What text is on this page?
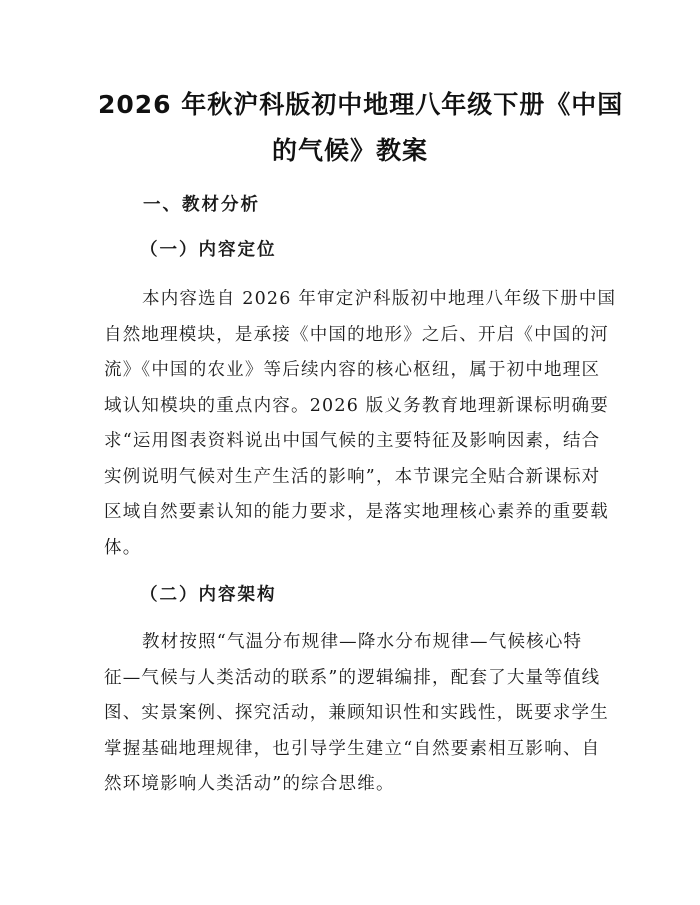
2026 年秋沪科版初中地理八年级下册《中国
的气候》教案
一、教材分析
（一）内容定位
本内容选自 2026 年审定沪科版初中地理八年级下册中国
自然地理模块，是承接《中国的地形》之后、开启《中国的河
流》《中国的农业》等后续内容的核心枢纽，属于初中地理区
域认知模块的重点内容。2026 版义务教育地理新课标明确要
求“运用图表资料说出中国气候的主要特征及影响因素，结合
实例说明气候对生产生活的影响”，本节课完全贴合新课标对
区域自然要素认知的能力要求，是落实地理核心素养的重要载
体。
（二）内容架构
教材按照“气温分布规律—降水分布规律—气候核心特
征—气候与人类活动的联系”的逻辑编排，配套了大量等值线
图、实景案例、探究活动，兼顾知识性和实践性，既要求学生
掌握基础地理规律，也引导学生建立“自然要素相互影响、自
然环境影响人类活动”的综合思维。
